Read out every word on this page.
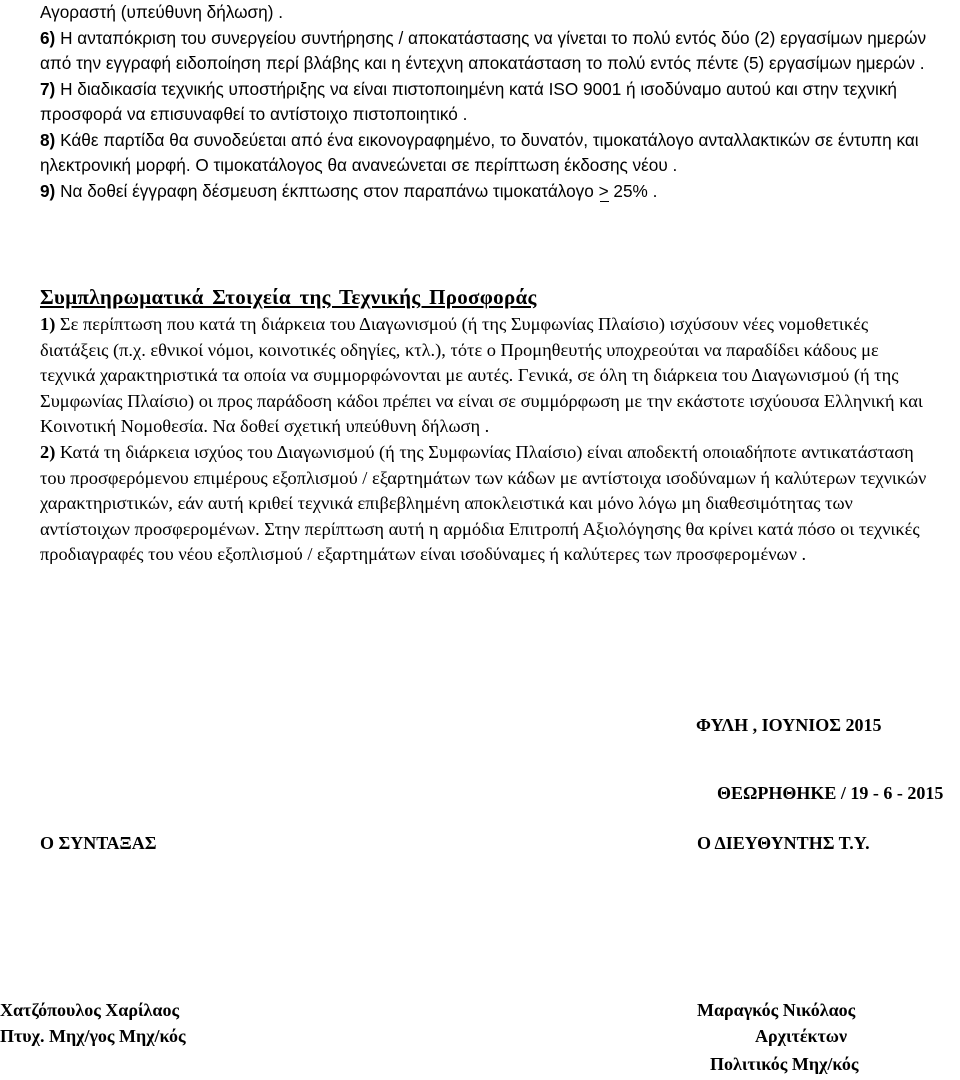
Αγοραστή (υπεύθυνη δήλωση) .

6) Η ανταπόκριση του συνεργείου συντήρησης / αποκατάστασης να γίνεται το πολύ εντός δύο (2) εργασίμων ημερών από την εγγραφή ειδοποίηση περί βλάβης και η έντεχνη αποκατάσταση το πολύ εντός πέντε (5) εργασίμων ημερών .

7) Η διαδικασία τεχνικής υποστήριξης να είναι πιστοποιημένη κατά ISO 9001 ή ισοδύναμο αυτού και στην τεχνική προσφορά να επισυναφθεί το αντίστοιχο πιστοποιητικό .

8) Κάθε παρτίδα θα συνοδεύεται από ένα εικονογραφημένο, το δυνατόν, τιμοκατάλογο ανταλλακτικών σε έντυπη και ηλεκτρονική μορφή. Ο τιμοκατάλογος θα ανανεώνεται σε περίπτωση έκδοσης νέου .

9) Να δοθεί έγγραφη δέσμευση έκπτωσης στον παραπάνω τιμοκατάλογο > 25% .

Συμπληρωματικά Στοιχεία της Τεχνικής Προσφοράς

1) Σε περίπτωση που κατά τη διάρκεια του Διαγωνισμού (ή της Συμφωνίας Πλαίσιο) ισχύσουν νέες νομοθετικές διατάξεις (π.χ. εθνικοί νόμοι, κοινοτικές οδηγίες, κτλ.), τότε ο Προμηθευτής υποχρεούται να παραδίδει κάδους με τεχνικά χαρακτηριστικά τα οποία να συμμορφώνονται με αυτές. Γενικά, σε όλη τη διάρκεια του Διαγωνισμού (ή της Συμφωνίας Πλαίσιο) οι προς παράδοση κάδοι πρέπει να είναι σε συμμόρφωση με την εκάστοτε ισχύουσα Ελληνική και Κοινοτική Νομοθεσία. Να δοθεί σχετική υπεύθυνη δήλωση .

2) Κατά τη διάρκεια ισχύος του Διαγωνισμού (ή της Συμφωνίας Πλαίσιο) είναι αποδεκτή οποιαδήποτε αντικατάσταση του προσφερόμενου επιμέρους εξοπλισμού / εξαρτημάτων των κάδων με αντίστοιχα ισοδύναμων ή καλύτερων τεχνικών χαρακτηριστικών, εάν αυτή κριθεί τεχνικά επιβεβλημένη αποκλειστικά και μόνο λόγω μη διαθεσιμότητας των αντίστοιχων προσφερομένων. Στην περίπτωση αυτή η αρμόδια Επιτροπή Αξιολόγησης θα κρίνει κατά πόσο οι τεχνικές προδιαγραφές του νέου εξοπλισμού / εξαρτημάτων είναι ισοδύναμες ή καλύτερες των προσφερομένων .

ΦΥΛΗ , ΙΟΥΝΙΟΣ 2015
ΘΕΩΡΗΘΗΚΕ / 19 - 6 - 2015
Ο ΣΥΝΤΑΞΑΣ	Ο ΔΙΕΥΘΥΝΤΗΣ Τ.Υ.
Χατζόπουλος Χαρίλαος
Πτυχ. Μηχ/γος Μηχ/κός
Μαραγκός Νικόλαος
Αρχιτέκτων
Πολιτικός Μηχ/κός
